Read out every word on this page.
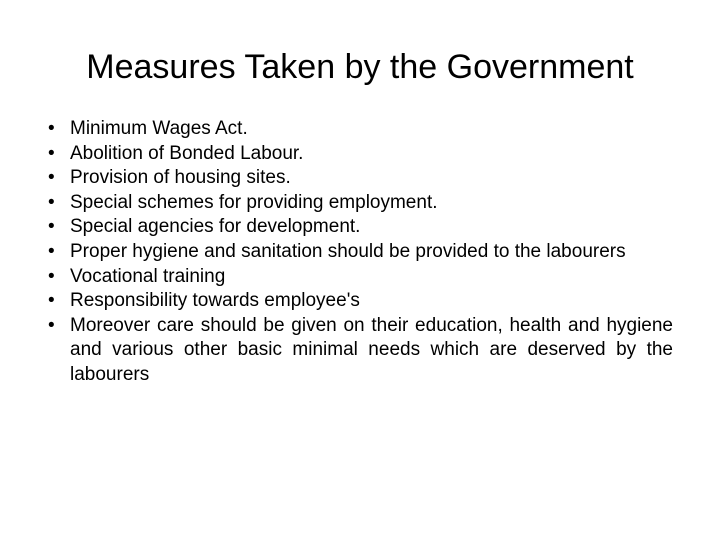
Measures Taken by the Government
• Minimum Wages Act.
• Abolition of Bonded Labour.
• Provision of housing sites.
• Special schemes for providing employment.
• Special agencies for development.
• Proper hygiene and sanitation should be provided to the labourers
• Vocational training
• Responsibility towards employee's
• Moreover care should be given on their education, health and hygiene and various other basic minimal needs which are deserved by the labourers
